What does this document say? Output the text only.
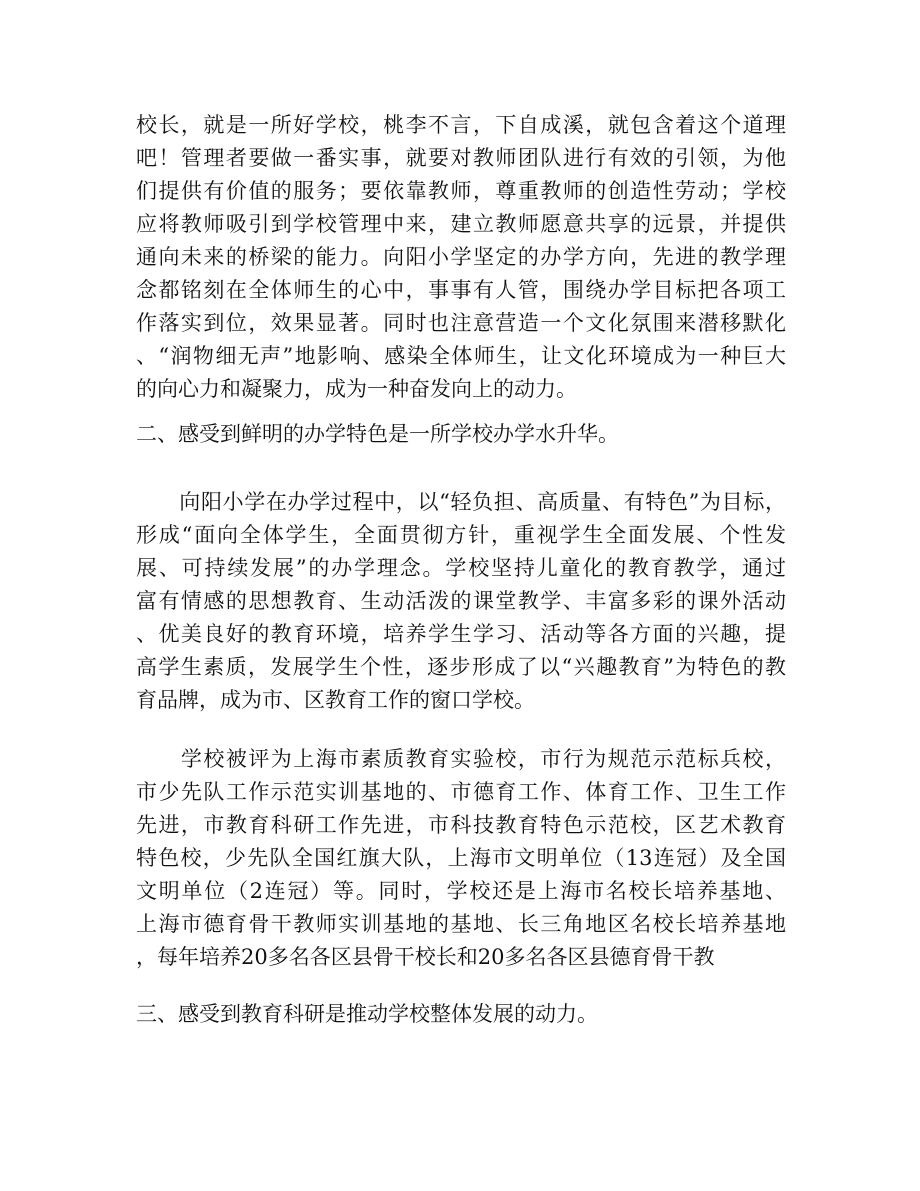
校长，就是一所好学校，桃李不言，下自成溪，就包含着这个道理
吧！管理者要做一番实事，就要对教师团队进行有效的引领，为他
们提供有价值的服务；要依靠教师，尊重教师的创造性劳动；学校
应将教师吸引到学校管理中来，建立教师愿意共享的远景，并提供
通向未来的桥梁的能力。向阳小学坚定的办学方向，先进的教学理
念都铭刻在全体师生的心中，事事有人管，围绕办学目标把各项工
作落实到位，效果显著。同时也注意营造一个文化氛围来潜移默化
、“润物细无声”地影响、感染全体师生，让文化环境成为一种巨大
的向心力和凝聚力，成为一种奋发向上的动力。
二、感受到鲜明的办学特色是一所学校办学水升华。
　　向阳小学在办学过程中，以“轻负担、高质量、有特色”为目标，
形成“面向全体学生，全面贯彻方针，重视学生全面发展、个性发
展、可持续发展”的办学理念。学校坚持儿童化的教育教学，通过
富有情感的思想教育、生动活泼的课堂教学、丰富多彩的课外活动
、优美良好的教育环境，培养学生学习、活动等各方面的兴趣，提
高学生素质，发展学生个性，逐步形成了以“兴趣教育”为特色的教
育品牌，成为市、区教育工作的窗口学校。
　　学校被评为上海市素质教育实验校，市行为规范示范标兵校，
市少先队工作示范实训基地的、市德育工作、体育工作、卫生工作
先进，市教育科研工作先进，市科技教育特色示范校，区艺术教育
特色校，少先队全国红旗大队，上海市文明单位（13连冠）及全国
文明单位（2连冠）等。同时，学校还是上海市名校长培养基地、
上海市德育骨干教师实训基地的基地、长三角地区名校长培养基地
，每年培养20多名各区县骨干校长和20多名各区县德育骨干教
三、感受到教育科研是推动学校整体发展的动力。
